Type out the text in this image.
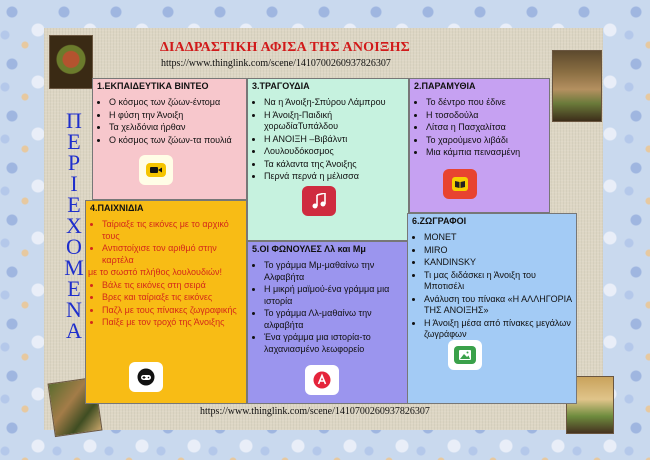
ΔΙΑΔΡΑΣΤΙΚΗ ΑΦΙΣΑ ΤΗΣ ΑΝΟΙΞΗΣ
https://www.thinglink.com/scene/1410700260937826307
https://www.thinglink.com/scene/1410700260937826307
Π
Ε
Ρ
Ι
Ε
Χ
Ο
Μ
Ε
Ν
Α
1.ΕΚΠΑΙΔΕΥΤΙΚΑ ΒΙΝΤΕΟ
• Ο κόσμος των ζώων-έντομα
• Η φύση την Άνοιξη
• Τα χελιδόνια ήρθαν
• Ο κόσμος των ζώων-τα πουλιά
3.ΤΡΑΓΟΥΔΙΑ
• Να η Άνοιξη-Σπύρου Λάμπρου
• Η Άνοιξη-Παιδική χορωδίαΤυπάλδου
• Η ΑΝΟΙΞΗ –Βιβάλντι
• Λουλουδόκοσμος
• Τα κάλαντα της Άνοιξης
• Περνά περνά η μέλισσα
2.ΠΑΡΑΜΥΘΙΑ
• Το δέντρο που έδινε
• Η τοσοδούλα
• Λίτσα η Πασχαλίτσα
• Το χαρούμενο λιβάδι
• Μια κάμπια πεινασμένη
4.ΠΑΙΧΝΙΔΙΑ
• Ταίριαξε τις εικόνες με το αρχικό τους
• Αντιστοίχισε τον αριθμό στην καρτέλα
με το σωστό πλήθος λουλουδιών!
• Βάλε τις εικόνες στη σειρά
• Βρες και ταίριαξε τις εικόνες
• Παζλ με τους πίνακες ζωγραφικής
• Παίξε με τον τροχό της Άνοιξης
5.ΟΙ ΦΩΝΟΥΛΕΣ Λλ και Μμ
• Το γράμμα Μμ-μαθαίνω την Αλφαβήτα
• Η μικρή μαϊμού-ένα γράμμα μια ιστορία
• Το γράμμα Λλ-μαθαίνω την αλφαβήτα
• Ένα γράμμα μια ιστορία-το λαχανιασμένο λεωφορείο
6.ΖΩΓΡΑΦΟΙ
• MONET
• MIRO
• KANDINSKY
• Τι μας διδάσκει η Άνοιξη του Μποτισέλι
• Ανάλυση του πίνακα «Η ΑΛΛΗΓΟΡΙΑ ΤΗΣ ΑΝΟΙΞΗΣ»
• Η Άνοιξη μέσα από πίνακες μεγάλων ζωγράφων
